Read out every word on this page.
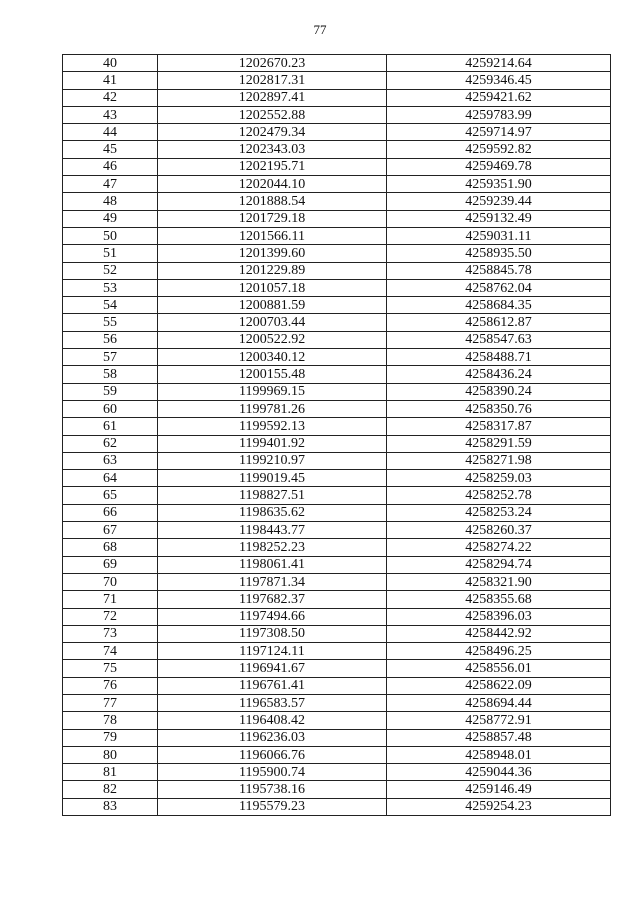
77
40	1202670.23	4259214.64
41	1202817.31	4259346.45
42	1202897.41	4259421.62
43	1202552.88	4259783.99
44	1202479.34	4259714.97
45	1202343.03	4259592.82
46	1202195.71	4259469.78
47	1202044.10	4259351.90
48	1201888.54	4259239.44
49	1201729.18	4259132.49
50	1201566.11	4259031.11
51	1201399.60	4258935.50
52	1201229.89	4258845.78
53	1201057.18	4258762.04
54	1200881.59	4258684.35
55	1200703.44	4258612.87
56	1200522.92	4258547.63
57	1200340.12	4258488.71
58	1200155.48	4258436.24
59	1199969.15	4258390.24
60	1199781.26	4258350.76
61	1199592.13	4258317.87
62	1199401.92	4258291.59
63	1199210.97	4258271.98
64	1199019.45	4258259.03
65	1198827.51	4258252.78
66	1198635.62	4258253.24
67	1198443.77	4258260.37
68	1198252.23	4258274.22
69	1198061.41	4258294.74
70	1197871.34	4258321.90
71	1197682.37	4258355.68
72	1197494.66	4258396.03
73	1197308.50	4258442.92
74	1197124.11	4258496.25
75	1196941.67	4258556.01
76	1196761.41	4258622.09
77	1196583.57	4258694.44
78	1196408.42	4258772.91
79	1196236.03	4258857.48
80	1196066.76	4258948.01
81	1195900.74	4259044.36
82	1195738.16	4259146.49
83	1195579.23	4259254.23
